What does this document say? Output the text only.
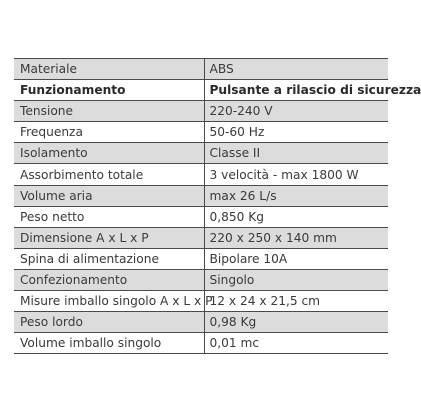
Materiale	ABS
Funzionamento	Pulsante a rilascio di sicurezza
Tensione	220-240 V
Frequenza	50-60 Hz
Isolamento	Classe II
Assorbimento totale	3 velocità - max 1800 W
Volume aria	max 26 L/s
Peso netto	0,850 Kg
Dimensione A x L x P	220 x 250 x 140 mm
Spina di alimentazione	Bipolare 10A
Confezionamento	Singolo
Misure imballo singolo A x L x P	12 x 24 x 21,5 cm
Peso lordo	0,98 Kg
Volume imballo singolo	0,01 mc
